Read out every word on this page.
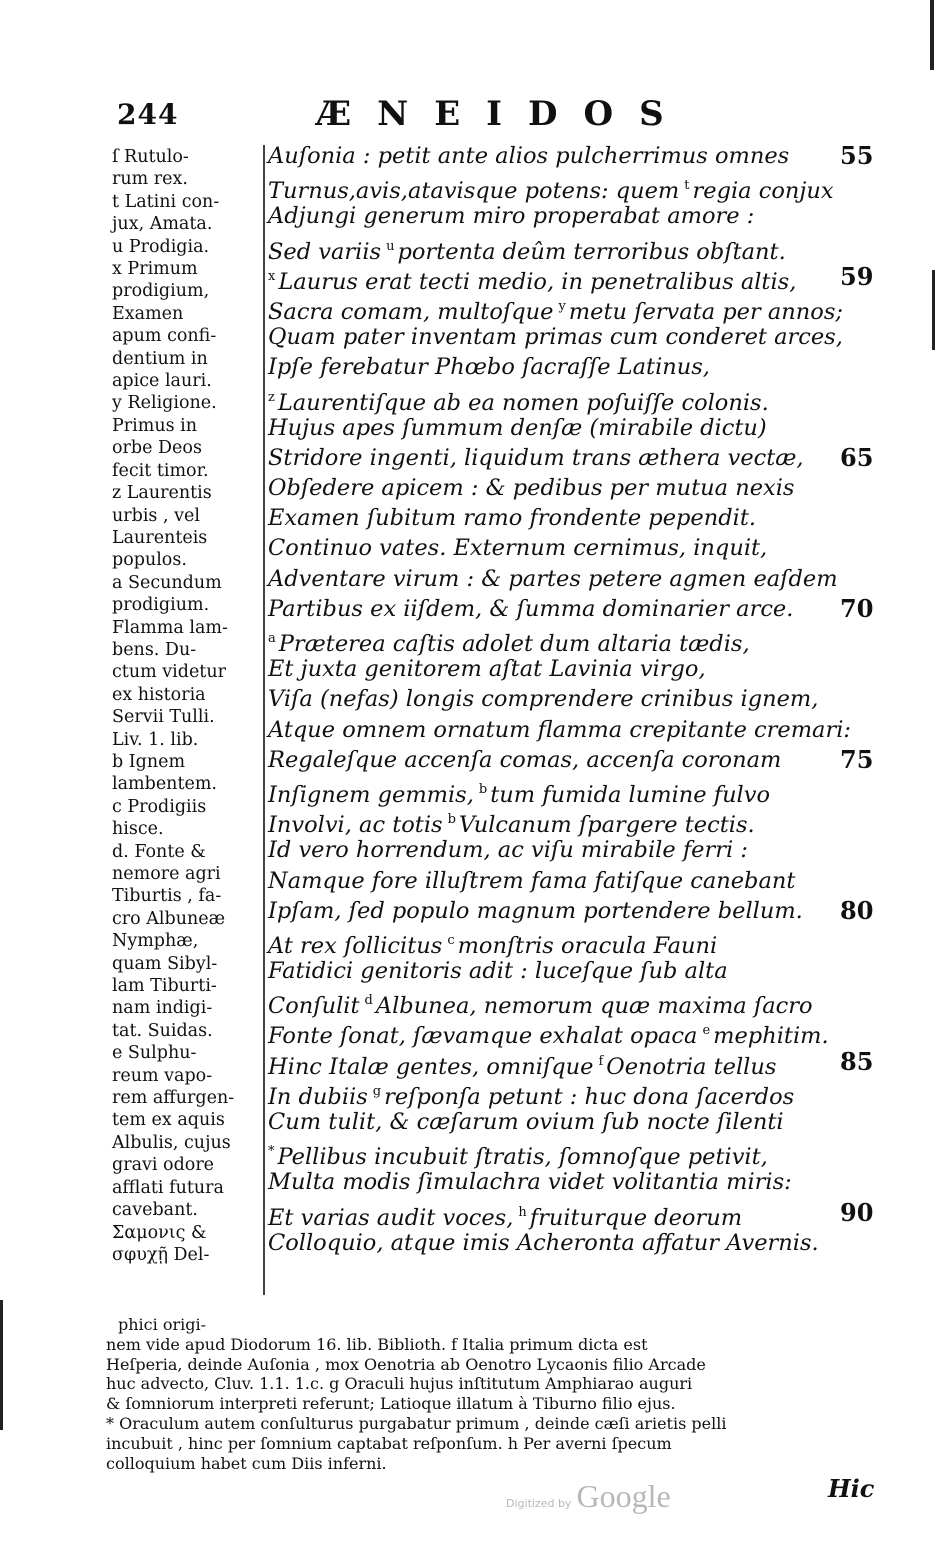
244	ÆNEIDOS
ſ Rutulo-
rum rex.
t Latini con-
jux, Amata.
u Prodigia.
x Primum
prodigium,
Examen
apum confi-
dentium in
apice lauri.
y Religione.
Primus in
orbe Deos
fecit timor.
z Laurentis
urbis , vel
Laurenteis
populos.
a Secundum
prodigium.
Flamma lam-
bens. Du-
ctum videtur
ex historia
Servii Tulli.
Liv. 1. lib.
b Ignem
lambentem.
c Prodigiis
hisce.
d. Fonte &
nemore agri
Tiburtis , fa-
cro Albuneæ
Nymphæ,
quam Sibyl-
lam Tiburti-
nam indigi-
tat. Suidas.
e Sulphu-
reum vapo-
rem affurgen-
tem ex aquis
Albulis, cujus
gravi odore
afflati futura
cavebant.
Σαμονις &
σφυχῇ Del-
Auſonia : petit ante alios pulcherrimus omnes 55
Turnus,avis,atavisque potens: quem $^t$ regia conjux
Adjungi generum miro properabat amore :
Sed variis $^u$ portenta deûm terroribus obſtant.
$^x$ Laurus erat tecti medio, in penetralibus altis, 59
Sacra comam, multoſque $^y$ metu ſervata per annos;
Quam pater inventam primas cum conderet arces,
Ipſe ferebatur Phœbo ſacraſſe Latinus,
$^z$ Laurentiſque ab ea nomen poſuiſſe colonis.
Hujus apes ſummum denſæ (mirabile dictu)
Stridore ingenti, liquidum trans æthera vectæ, 65
Obſedere apicem : & pedibus per mutua nexis
Examen ſubitum ramo frondente pependit.
Continuo vates. Externum cernimus, inquit,
Adventare virum : & partes petere agmen eaſdem
Partibus ex iiſdem, & ſumma dominarier arce. 70
$^a$ Præterea caſtis adolet dum altaria tædis,
Et juxta genitorem aſtat Lavinia virgo,
Viſa (nefas) longis comprendere crinibus ignem,
Atque omnem ornatum flamma crepitante cremari:
Regaleſque accenſa comas, accenſa coronam 75
Inſignem gemmis, $^b$ tum fumida lumine fulvo
Involvi, ac totis $^b$ Vulcanum ſpargere tectis.
Id vero horrendum, ac viſu mirabile ferri :
Namque fore illuſtrem fama fatiſque canebant
Ipſam, ſed populo magnum portendere bellum. 80
At rex ſollicitus $^c$ monſtris oracula Fauni
Fatidici genitoris adit : luceſque ſub alta
Conſulit $^d$ Albunea, nemorum quæ maxima ſacro
Fonte ſonat, ſævamque exhalat opaca $^e$ mephitim.
Hinc Italæ gentes, omniſque $^f$ Oenotria tellus	85
In dubiis $^g$ reſponſa petunt : huc dona ſacerdos
Cum tulit, & cæſarum ovium ſub nocte ſilenti
* Pellibus incubuit ſtratis, ſomnoſque petivit,
Multa modis ſimulachra videt volitantia miris:
Et varias audit voces, $^h$ fruiturque deorum	90
Colloquio, atque imis Acheronta affatur Avernis.
phici origi-
nem vide apud Diodorum 16. lib. Biblioth. f Italia primum dicta est
Heſperia, deinde Auſonia , mox Oenotria ab Oenotro Lycaonis filio Arcade
huc advecto, Cluv. 1.1. 1.c. g Oraculi hujus inſtitutum Amphiarao auguri
& ſomniorum interpreti referunt; Latioque illatum à Tiburno filio ejus.
* Oraculum autem conſulturus purgabatur primum , deinde cæſi arietis pelli
incubuit , hinc per ſomnium captabat reſponſum. h Per averni ſpecum
colloquium habet cum Diis inferni.
Digitized by Google	Hic
